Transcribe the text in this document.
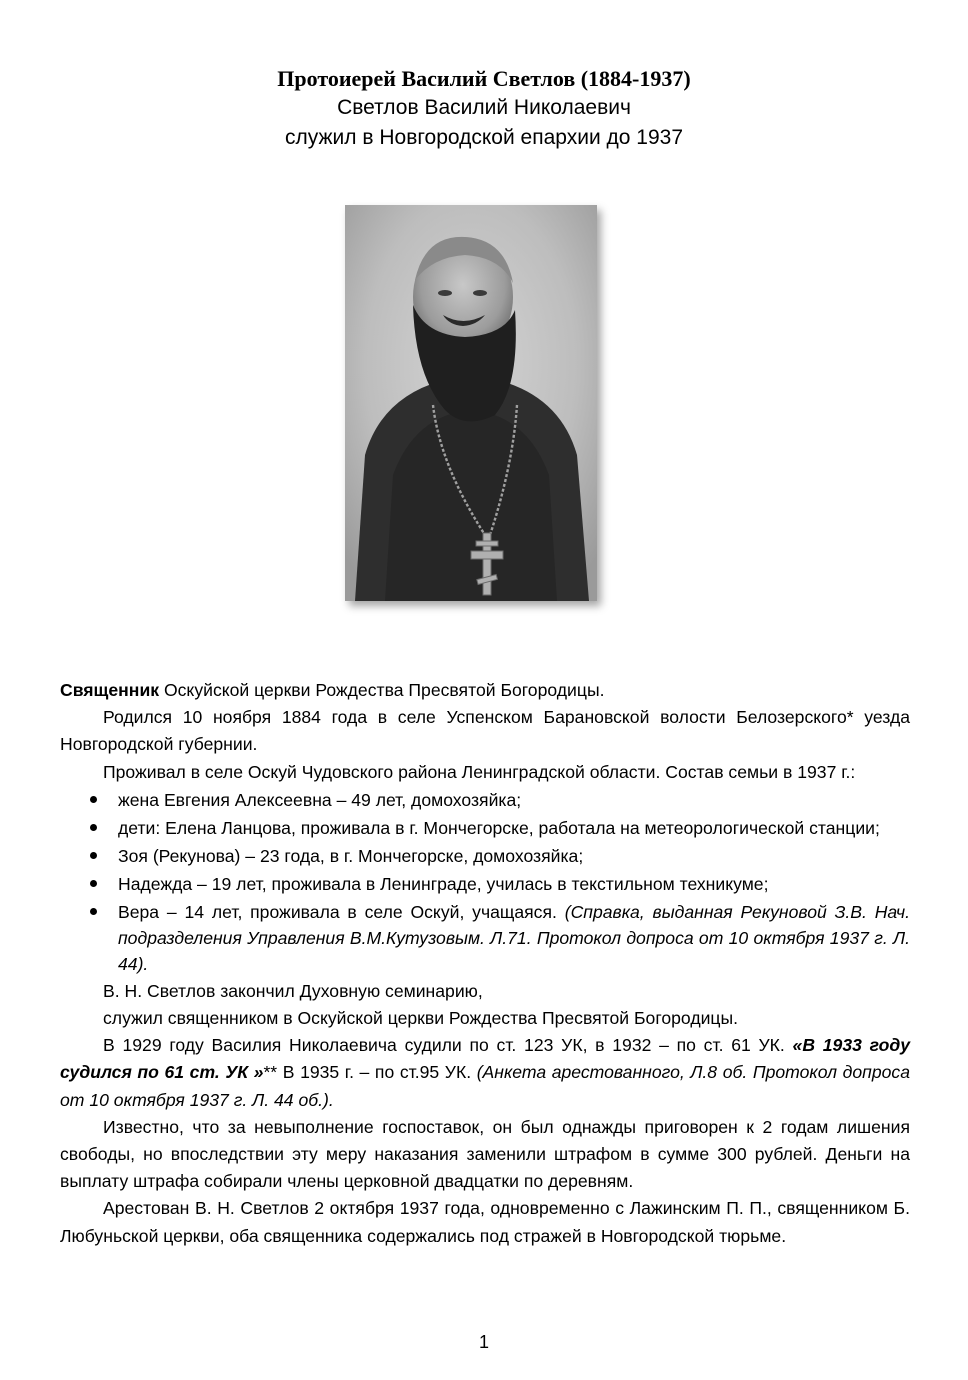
Протоиерей Василий Светлов (1884-1937)
Светлов Василий Николаевич
служил в Новгородской епархии до 1937

Священник Оскуйской церкви Рождества Пресвятой Богородицы.

Родился 10 ноября 1884 года в селе Успенском Барановской волости Белозерского* уезда Новгородской губернии.

Проживал в селе Оскуй Чудовского района Ленинградской области. Состав семьи в 1937 г.:

жена Евгения Алексеевна – 49 лет, домохозяйка;
дети: Елена Ланцова, проживала в г. Мончегорске, работала на метеорологической станции;
Зоя (Рекунова) – 23 года, в г. Мончегорске, домохозяйка;
Надежда – 19 лет, проживала в Ленинграде, училась в текстильном техникуме;
Вера – 14 лет, проживала в селе Оскуй, учащаяся. (Справка, выданная Рекуновой З.В. Нач. подразделения Управления В.М.Кутузовым. Л.71. Протокол допроса от 10 октября 1937 г. Л. 44).

В. Н. Светлов закончил Духовную семинарию,

служил священником в Оскуйской церкви Рождества Пресвятой Богородицы.

В 1929 году Василия Николаевича судили по ст. 123 УК, в 1932 – по ст. 61 УК. «В 1933 году судился по 61 ст. УК »** В 1935 г. – по ст.95 УК. (Анкета арестованного, Л.8 об. Протокол допроса от 10 октября 1937 г. Л. 44 об.).

Известно, что за невыполнение госпоставок, он был однажды приговорен к 2 годам лишения свободы, но впоследствии эту меру наказания заменили штрафом в сумме 300 рублей. Деньги на выплату штрафа собирали члены церковной двадцатки по деревням.

Арестован В. Н. Светлов 2 октября 1937 года, одновременно с Лажинским П. П., священником Б. Любуньской церкви, оба священника содержались под стражей в Новгородской тюрьме.

1
